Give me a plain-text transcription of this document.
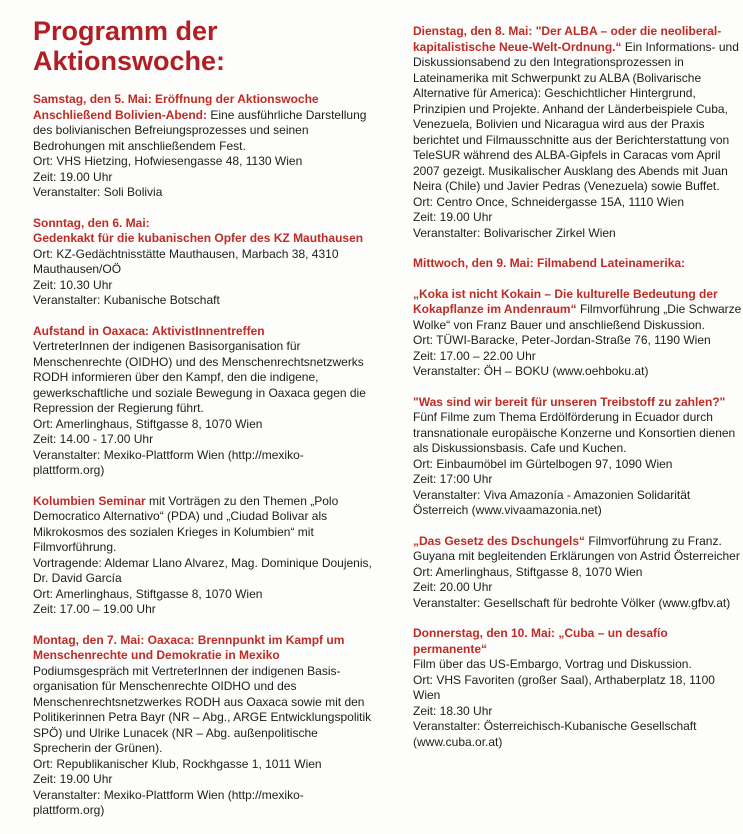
Programm der Aktionswoche:

Samstag, den 5. Mai: Eröffnung der Aktionswoche Anschließend Bolivien-Abend: Eine ausführliche Darstellung des bolivianischen Befreiungsprozesses und seinen Bedrohungen mit anschließendem Fest.

Ort: VHS Hietzing, Hofwiesengasse 48, 1130 Wien
Zeit: 19.00 Uhr
Veranstalter: Soli Bolivia
Sonntag, den 6. Mai:
Gedenkakt für die kubanischen Opfer des KZ Mauthausen
Ort: KZ-Gedächtnisstätte Mauthausen, Marbach 38, 4310 Mauthausen/OÖ
Zeit: 10.30 Uhr
Veranstalter: Kubanische Botschaft
Aufstand in Oaxaca: AktivistInnentreffen
VertreterInnen der indigenen Basisorganisation für Menschenrechte (OIDHO) und des Menschenrechtsnetzwerks RODH informieren über den Kampf, den die indigene, gewerkschaftliche und soziale Bewegung in Oaxaca gegen die Repression der Regierung führt.
Ort: Amerlinghaus, Stiftgasse 8, 1070 Wien
Zeit: 14.00 - 17.00 Uhr
Veranstalter: Mexiko-Plattform Wien (http://mexiko-plattform.org)

Kolumbien Seminar mit Vorträgen zu den Themen „Polo Democratico Alternativo“ (PDA) und „Ciudad Bolivar als Mikrokosmos des sozialen Krieges in Kolumbien“ mit Filmvorführung.

Vortragende: Aldemar Llano Alvarez, Mag. Dominique Doujenis, Dr. David García
Ort: Amerlinghaus, Stiftgasse 8, 1070 Wien
Zeit: 17.00 – 19.00 Uhr
Montag, den 7. Mai: Oaxaca: Brennpunkt im Kampf um Menschenrechte und Demokratie in Mexiko
Podiumsgespräch mit VertreterInnen der indigenen Basis-organisation für Menschenrechte OIDHO und des Menschenrechtsnetzwerkes RODH aus Oaxaca sowie mit den Politikerinnen Petra Bayr (NR – Abg., ARGE Entwicklungspolitik SPÖ) und Ulrike Lunacek (NR – Abg. außenpolitische Sprecherin der Grünen).
Ort: Republikanischer Klub, Rockhgasse 1, 1011 Wien
Zeit: 19.00 Uhr
Veranstalter: Mexiko-Plattform Wien (http://mexiko-plattform.org)

Dienstag, den 8. Mai: "Der ALBA – oder die neoliberal-kapitalistische Neue-Welt-Ordnung.“ Ein Informations- und Diskussionsabend zu den Integrationsprozessen in Lateinamerika mit Schwerpunkt zu ALBA (Bolivarische Alternative für America): Geschichtlicher Hintergrund, Prinzipien und Projekte. Anhand der Länderbeispiele Cuba, Venezuela, Bolivien und Nicaragua wird aus der Praxis berichtet und Filmausschnitte aus der Berichterstattung von TeleSUR während des ALBA-Gipfels in Caracas vom April 2007 gezeigt. Musikalischer Ausklang des Abends mit Juan Neira (Chile) und Javier Pedras (Venezuela) sowie Buffet.

Ort: Centro Once, Schneidergasse 15A, 1110 Wien
Zeit: 19.00 Uhr
Veranstalter: Bolivarischer Zirkel Wien
Mittwoch, den 9. Mai: Filmabend Lateinamerika:

„Koka ist nicht Kokain – Die kulturelle Bedeutung der Kokapflanze im Andenraum“ Filmvorführung „Die Schwarze Wolke“ von Franz Bauer und anschließend Diskussion.

Ort: TÜWI-Baracke, Peter-Jordan-Straße 76, 1190 Wien
Zeit: 17.00 – 22.00 Uhr
Veranstalter: ÖH – BOKU (www.oehboku.at)
"Was sind wir bereit für unseren Treibstoff zu zahlen?"
Fünf Filme zum Thema Erdölförderung in Ecuador durch transnationale europäische Konzerne und Konsortien dienen als Diskussionsbasis. Cafe und Kuchen.
Ort: Einbaumöbel im Gürtelbogen 97, 1090 Wien
Zeit: 17:00 Uhr
Veranstalter: Viva Amazonía - Amazonien Solidarität Österreich (www.vivaamazonia.net)

„Das Gesetz des Dschungels“ Filmvorführung zu Franz. Guyana mit begleitenden Erklärungen von Astrid Österreicher

Ort: Amerlinghaus, Stiftgasse 8, 1070 Wien
Zeit: 20.00 Uhr
Veranstalter: Gesellschaft für bedrohte Völker (www.gfbv.at)
Donnerstag, den 10. Mai: „Cuba – un desafío permanente“
Film über das US-Embargo, Vortrag und Diskussion.
Ort: VHS Favoriten (großer Saal), Arthaberplatz 18, 1100 Wien
Zeit: 18.30 Uhr
Veranstalter: Österreichisch-Kubanische Gesellschaft (www.cuba.or.at)
